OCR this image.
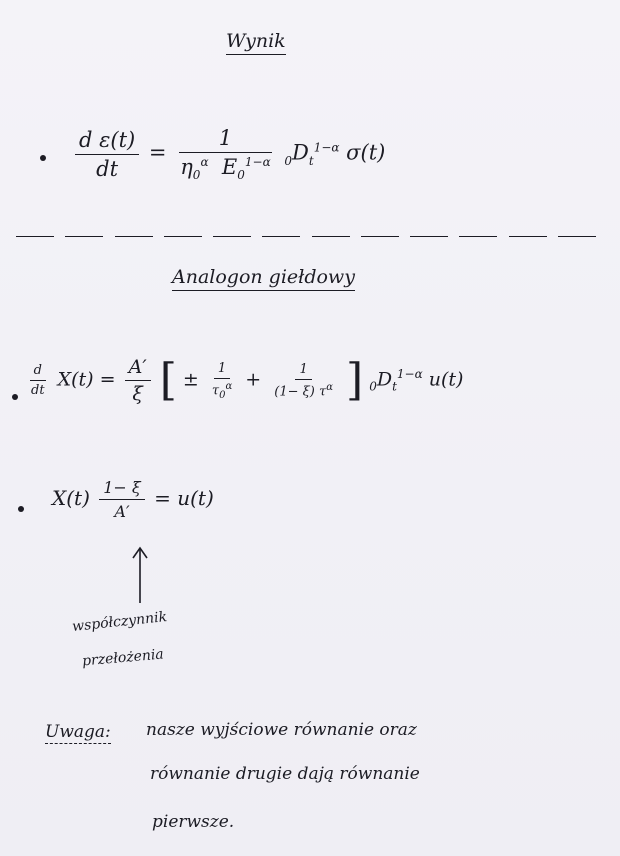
Wynik
$\frac{\text{d ε(t)}}{dt} = \frac{1}{\eta_0^\alpha E_0^{1-\alpha}} _0D_t^{1-\alpha}$ σ(t)
Analogon giełdowy
$\frac{d}{dt} X(t) = \frac{A'}{\xi}$ [ ± $\frac{1}{\tau_0^\alpha} + \frac{1}{(1- \xi) \tau^\alpha}$ ] $_0D_t^{1-\alpha}$ u(t)
$X(t) \frac{1- \xi}{A'} = u(t)$
współczynnik
przełożenia
Uwaga: nasze wyjściowe równanie oraz
równanie drugie dają równanie
pierwsze.
